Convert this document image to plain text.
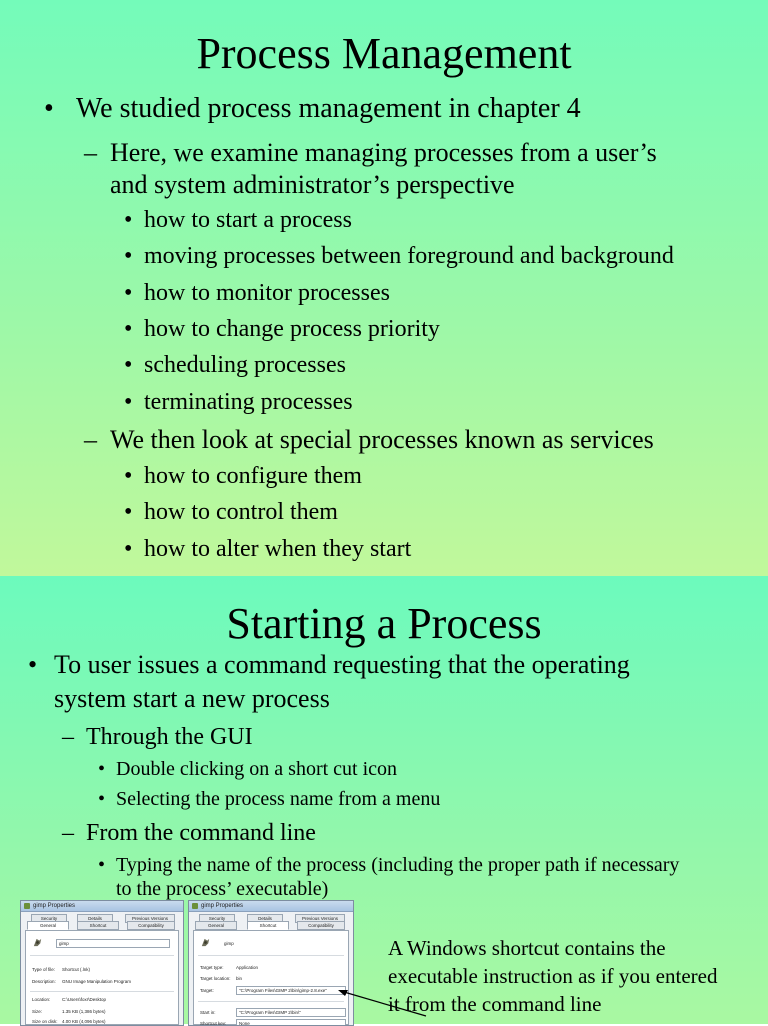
Process Management
• We studied process management in chapter 4
– Here, we examine managing processes from a user’s
and system administrator’s perspective
• how to start a process
• moving processes between foreground and background
• how to monitor processes
• how to change process priority
• scheduling processes
• terminating processes
– We then look at special processes known as services
• how to configure them
• how to control them
• how to alter when they start
Starting a Process
• To user issues a command requesting that the operating
system start a new process
– Through the GUI
• Double clicking on a short cut icon
• Selecting the process name from a menu
– From the command line
• Typing the name of the process (including the proper path if necessary
to the process’ executable)
gimp Properties
Security	Details	Previous Versions
General	Shortcut	Compatibility
gimp
Type of file: Shortcut (.lnk)
Description: GNU Image Manipulation Program
Location:	C:\Users\foxr\Desktop
Size:	1.35 KB (1,386 bytes)
Size on disk: 4.00 KB (4,096 bytes)
gimp Properties
Security	Details	Previous Versions
General	Shortcut	Compatibility
gimp
Target type:	Application
Target location: bin
Target:	"C:\Program Files\GIMP 2\bin\gimp-2.8.exe"
Start in:	"C:\Program Files\GIMP 2\bin\"
Shortcut key:	None
A Windows shortcut contains the
executable instruction as if you entered
it from the command line
